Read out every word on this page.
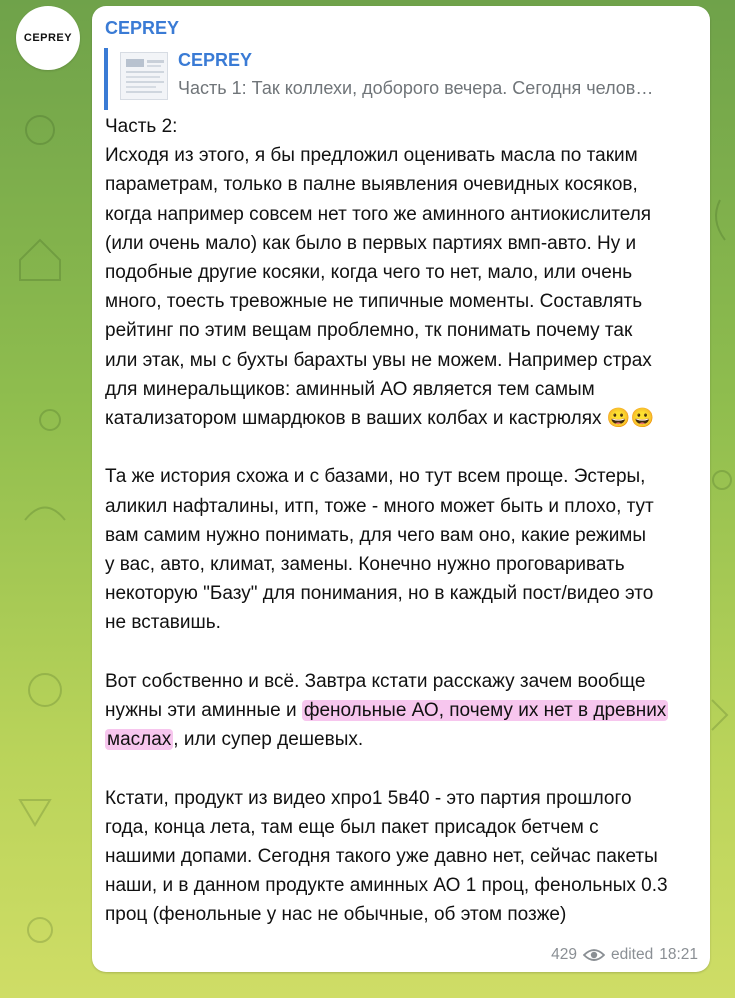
CEPREY CEPREY
CEPREY
Часть 1: Так коллехи, доборого вечера. Сегодня челов…
Часть 2:
Исходя из этого, я бы предложил оценивать масла по таким
параметрам, только в палне выявления очевидных косяков,
когда например совсем нет того же аминного антиокислителя
(или очень мало) как было в первых партиях вмп-авто. Ну и
подобные другие косяки, когда чего то нет, мало, или очень
много, тоесть тревожные не типичные моменты. Составлять
рейтинг по этим вещам проблемно, тк понимать почему так
или этак, мы с бухты барахты увы не можем. Например страх
для минеральщиков: аминный АО является тем самым
катализатором шмардюков в ваших колбах и кастрюлях 😀😀
Та же история схожа и с базами, но тут всем проще. Эстеры,
аликил нафталины, итп, тоже - много может быть и плохо, тут
вам самим нужно понимать, для чего вам оно, какие режимы
у вас, авто, климат, замены. Конечно нужно проговаривать
некоторую "Базу" для понимания, но в каждый пост/видео это
не вставишь.
Вот собственно и всё. Завтра кстати расскажу зачем вообще
нужны эти аминные и фенольные АО, почему их нет в древних
маслах , или супер дешевых.
Кстати, продукт из видео хпро1 5в40 - это партия прошлого
года, конца лета, там еще был пакет присадок бетчем с
нашими допами. Сегодня такого уже давно нет, сейчас пакеты
наши, и в данном продукте аминных АО 1 проц, фенольных 0.3
проц (фенольные у нас не обычные, об этом позже)
429 edited 18:21
